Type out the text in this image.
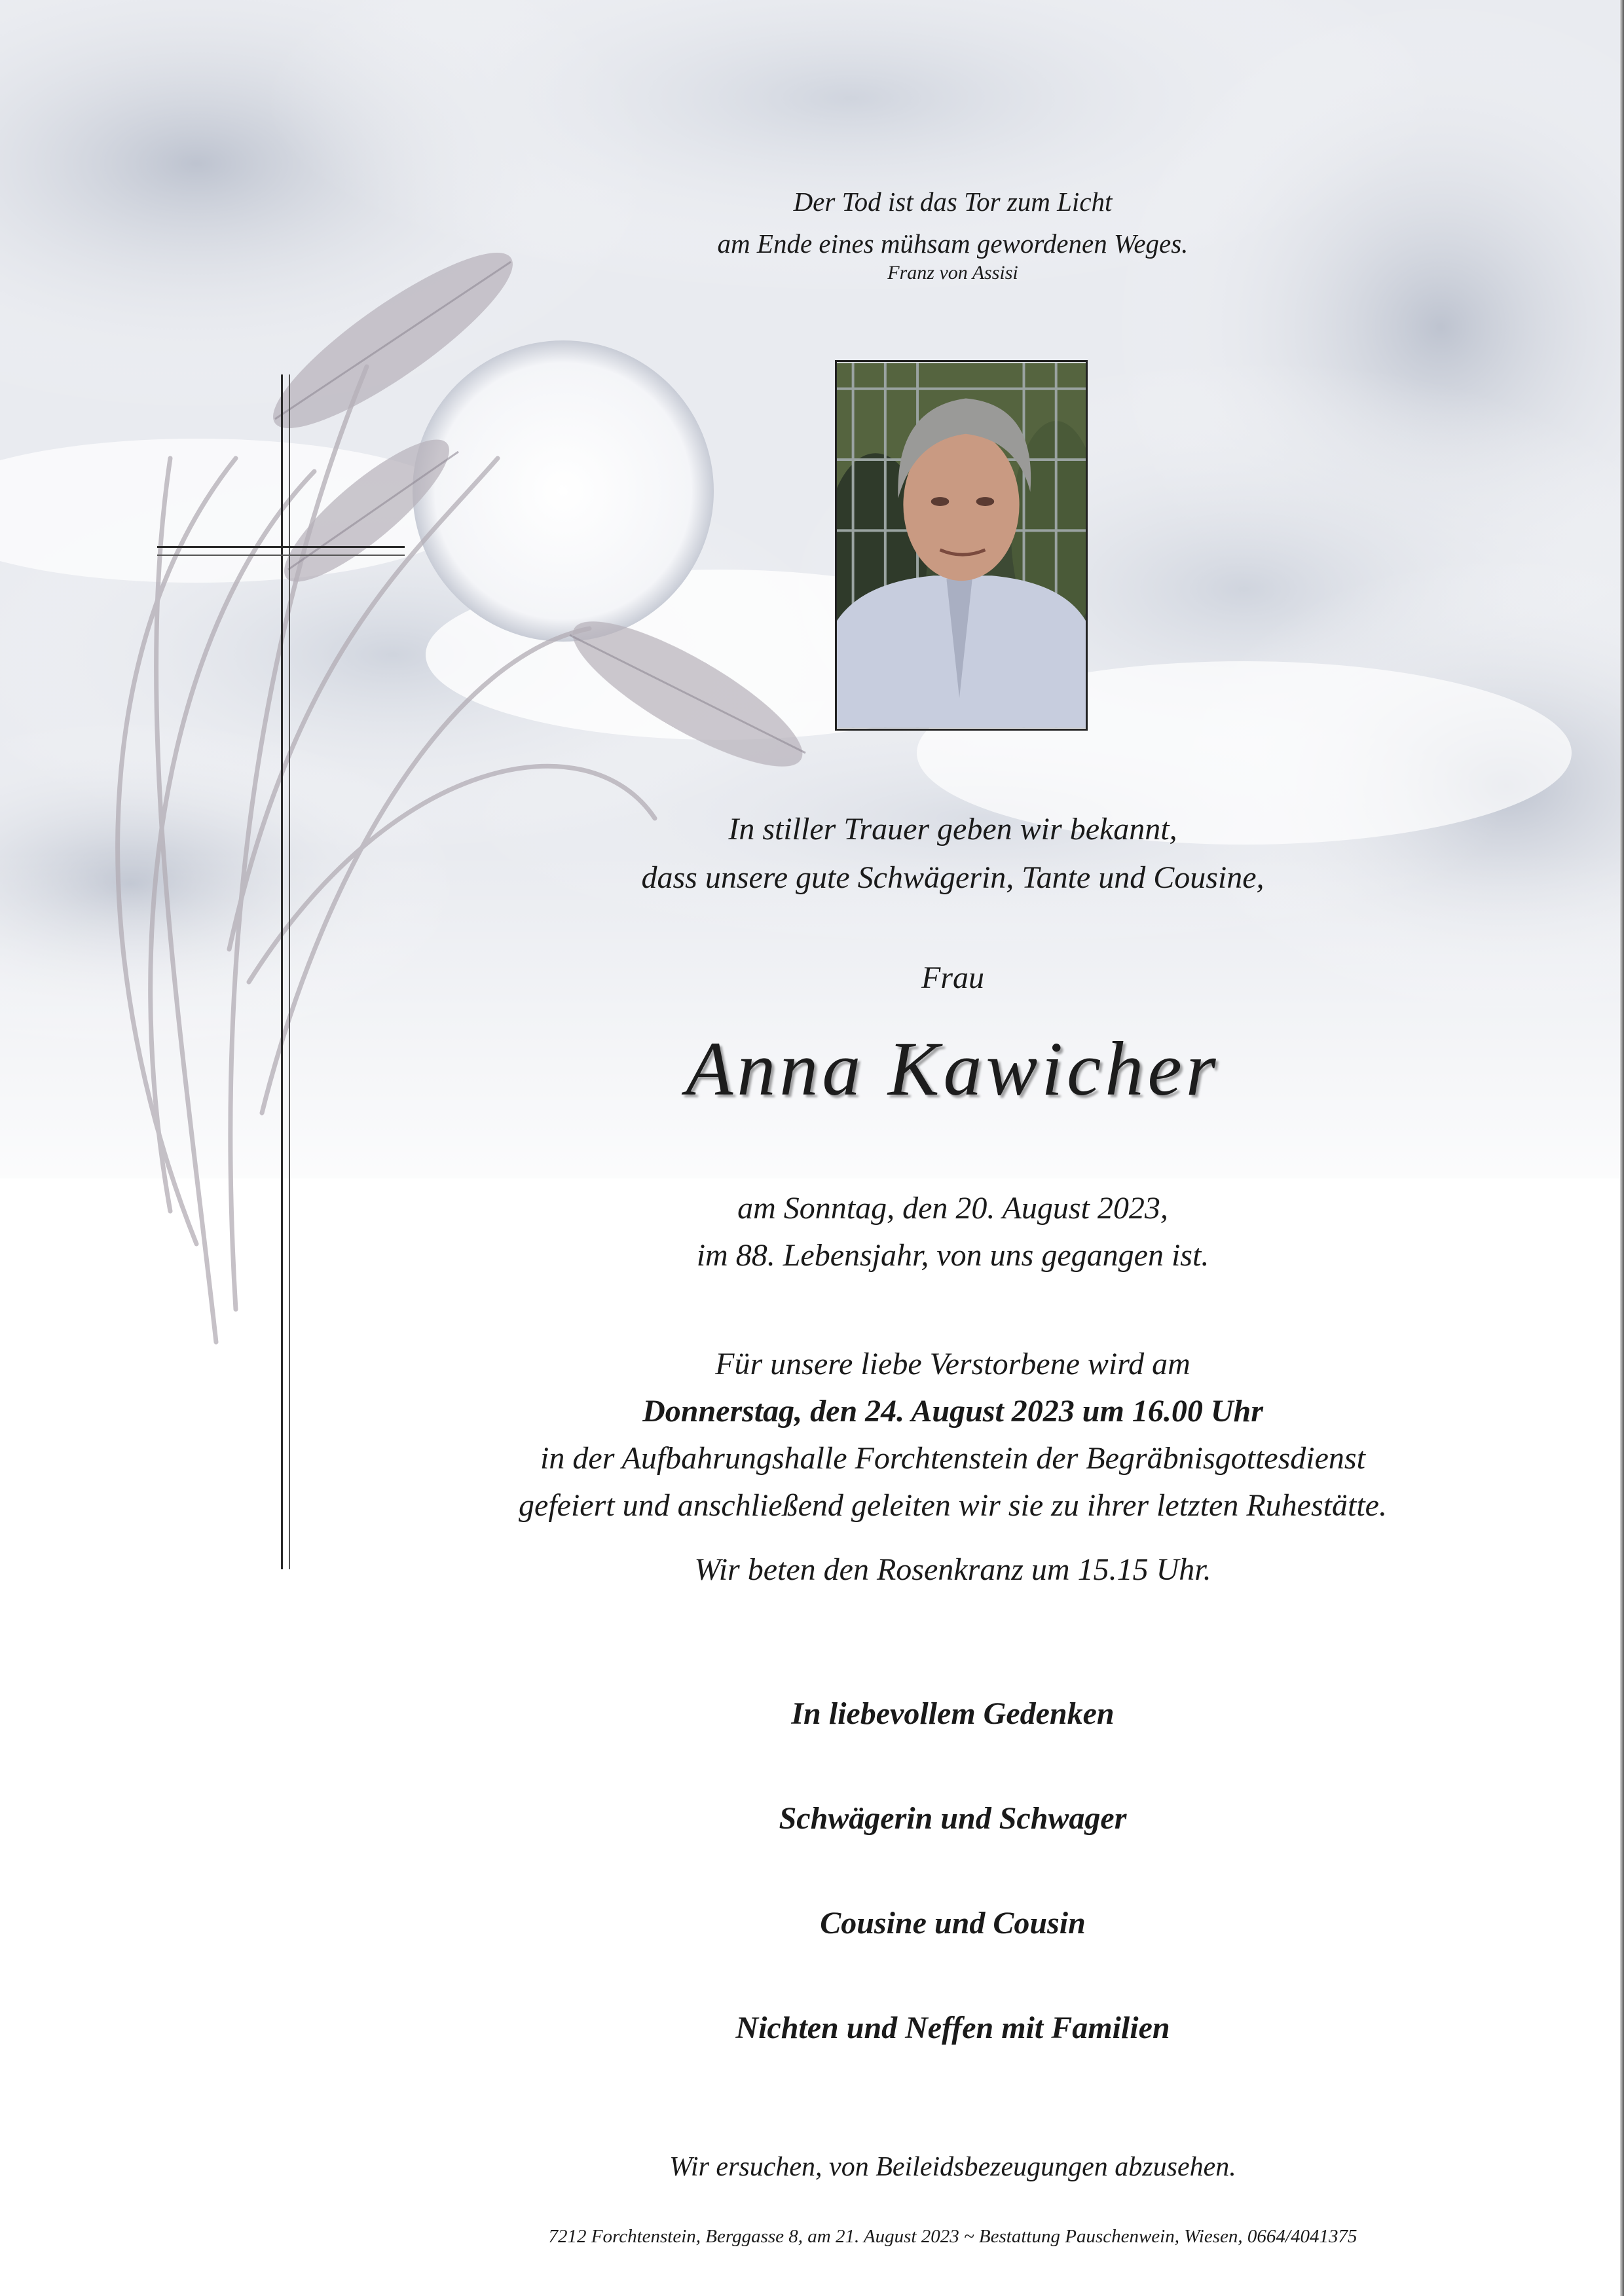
Der Tod ist das Tor zum Licht
am Ende eines mühsam gewordenen Weges.
Franz von Assisi
In stiller Trauer geben wir bekannt,
dass unsere gute Schwägerin, Tante und Cousine,
Frau
Anna Kawicher
am Sonntag, den 20. August 2023,
im 88. Lebensjahr, von uns gegangen ist.
Für unsere liebe Verstorbene wird am
Donnerstag, den 24. August 2023 um 16.00 Uhr
in der Aufbahrungshalle Forchtenstein der Begräbnisgottesdienst
gefeiert und anschließend geleiten wir sie zu ihrer letzten Ruhestätte.
Wir beten den Rosenkranz um 15.15 Uhr.
In liebevollem Gedenken
Schwägerin und Schwager
Cousine und Cousin
Nichten und Neffen mit Familien
Wir ersuchen, von Beileidsbezeugungen abzusehen.
7212 Forchtenstein, Berggasse 8, am 21. August 2023 ~ Bestattung Pauschenwein, Wiesen, 0664/4041375
